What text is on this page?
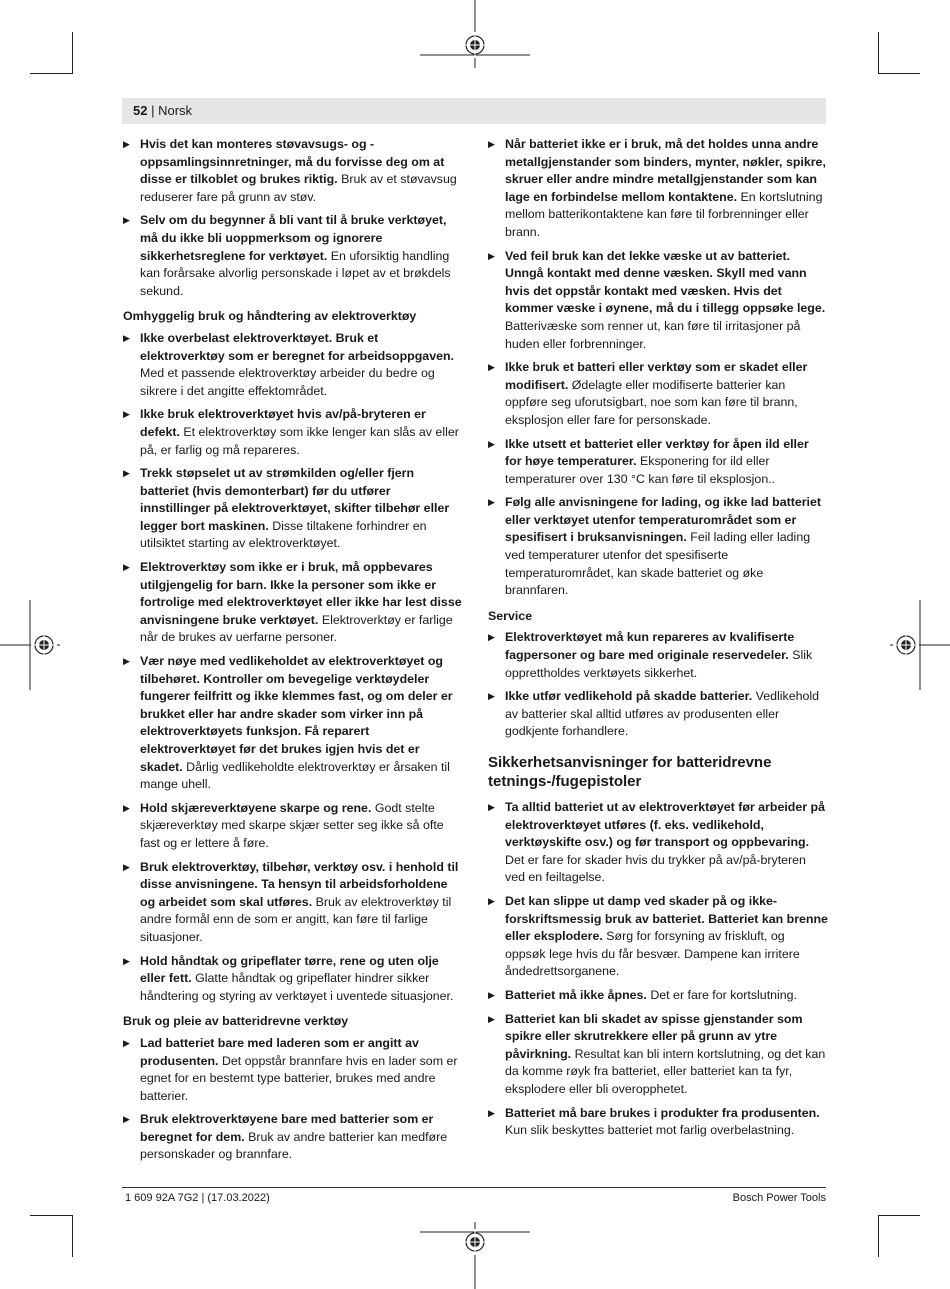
52 | Norsk
▶ Hvis det kan monteres støvavsugs- og -oppsamlingsinnretninger, må du forvisse deg om at disse er tilkoblet og brukes riktig. Bruk av et støvavsug reduserer fare på grunn av støv.
▶ Selv om du begynner å bli vant til å bruke verktøyet, må du ikke bli uoppmerksom og ignorere sikkerhetsreglene for verktøyet. En uforsiktig handling kan forårsake alvorlig personskade i løpet av et brøkdels sekund.
Omhyggelig bruk og håndtering av elektroverktøy
▶ Ikke overbelast elektroverktøyet. Bruk et elektroverktøy som er beregnet for arbeidsoppgaven. Med et passende elektroverktøy arbeider du bedre og sikrere i det angitte effektområdet.
▶ Ikke bruk elektroverktøyet hvis av/på-bryteren er defekt. Et elektroverktøy som ikke lenger kan slås av eller på, er farlig og må repareres.
▶ Trekk støpselet ut av strømkilden og/eller fjern batteriet (hvis demonterbart) før du utfører innstillinger på elektroverktøyet, skifter tilbehør eller legger bort maskinen. Disse tiltakene forhindrer en utilsiktet starting av elektroverktøyet.
▶ Elektroverktøy som ikke er i bruk, må oppbevares utilgjengelig for barn. Ikke la personer som ikke er fortrolige med elektroverktøyet eller ikke har lest disse anvisningene bruke verktøyet. Elektroverktøy er farlige når de brukes av uerfarne personer.
▶ Vær nøye med vedlikeholdet av elektroverktøyet og tilbehøret. Kontroller om bevegelige verktøydeler fungerer feilfritt og ikke klemmes fast, og om deler er brukket eller har andre skader som virker inn på elektroverktøyets funksjon. Få reparert elektroverktøyet før det brukes igjen hvis det er skadet. Dårlig vedlikeholdte elektroverktøy er årsaken til mange uhell.
▶ Hold skjæreverktøyene skarpe og rene. Godt stelte skjæreverktøy med skarpe skjær setter seg ikke så ofte fast og er lettere å føre.
▶ Bruk elektroverktøy, tilbehør, verktøy osv. i henhold til disse anvisningene. Ta hensyn til arbeidsforholdene og arbeidet som skal utføres. Bruk av elektroverktøy til andre formål enn de som er angitt, kan føre til farlige situasjoner.
▶ Hold håndtak og gripeflater tørre, rene og uten olje eller fett. Glatte håndtak og gripeflater hindrer sikker håndtering og styring av verktøyet i uventede situasjoner.
Bruk og pleie av batteridrevne verktøy
▶ Lad batteriet bare med laderen som er angitt av produsenten. Det oppstår brannfare hvis en lader som er egnet for en bestemt type batterier, brukes med andre batterier.
▶ Bruk elektroverktøyene bare med batterier som er beregnet for dem. Bruk av andre batterier kan medføre personskader og brannfare.
▶ Når batteriet ikke er i bruk, må det holdes unna andre metallgjenstander som binders, mynter, nøkler, spikre, skruer eller andre mindre metallgjenstander som kan lage en forbindelse mellom kontaktene. En kortslutning mellom batterikontaktene kan føre til forbrenninger eller brann.
▶ Ved feil bruk kan det lekke væske ut av batteriet. Unngå kontakt med denne væsken. Skyll med vann hvis det oppstår kontakt med væsken. Hvis det kommer væske i øynene, må du i tillegg oppsøke lege. Batterivæske som renner ut, kan føre til irritasjoner på huden eller forbrenninger.
▶ Ikke bruk et batteri eller verktøy som er skadet eller modifisert. Ødelagte eller modifiserte batterier kan oppføre seg uforutsigbart, noe som kan føre til brann, eksplosjon eller fare for personskade.
▶ Ikke utsett et batteriet eller verktøy for åpen ild eller for høye temperaturer. Eksponering for ild eller temperaturer over 130 °C kan føre til eksplosjon..
▶ Følg alle anvisningene for lading, og ikke lad batteriet eller verktøyet utenfor temperaturområdet som er spesifisert i bruksanvisningen. Feil lading eller lading ved temperaturer utenfor det spesifiserte temperaturområdet, kan skade batteriet og øke brannfaren.
Service
▶ Elektroverktøyet må kun repareres av kvalifiserte fagpersoner og bare med originale reservedeler. Slik opprettholdes verktøyets sikkerhet.
▶ Ikke utfør vedlikehold på skadde batterier. Vedlikehold av batterier skal alltid utføres av produsenten eller godkjente forhandlere.
Sikkerhetsanvisninger for batteridrevne tetnings-/fugepistoler
▶ Ta alltid batteriet ut av elektroverktøyet før arbeider på elektroverktøyet utføres (f. eks. vedlikehold, verktøyskifte osv.) og før transport og oppbevaring. Det er fare for skader hvis du trykker på av/på-bryteren ved en feiltagelse.
▶ Det kan slippe ut damp ved skader på og ikke-forskriftsmessig bruk av batteriet. Batteriet kan brenne eller eksplodere. Sørg for forsyning av friskluft, og oppsøk lege hvis du får besvær. Dampene kan irritere åndedrettsorganene.
▶ Batteriet må ikke åpnes. Det er fare for kortslutning.
▶ Batteriet kan bli skadet av spisse gjenstander som spikre eller skrutrekkere eller på grunn av ytre påvirkning. Resultat kan bli intern kortslutning, og det kan da komme røyk fra batteriet, eller batteriet kan ta fyr, eksplodere eller bli overopphetet.
▶ Batteriet må bare brukes i produkter fra produsenten. Kun slik beskyttes batteriet mot farlig overbelastning.
1 609 92A 7G2 | (17.03.2022)	Bosch Power Tools
